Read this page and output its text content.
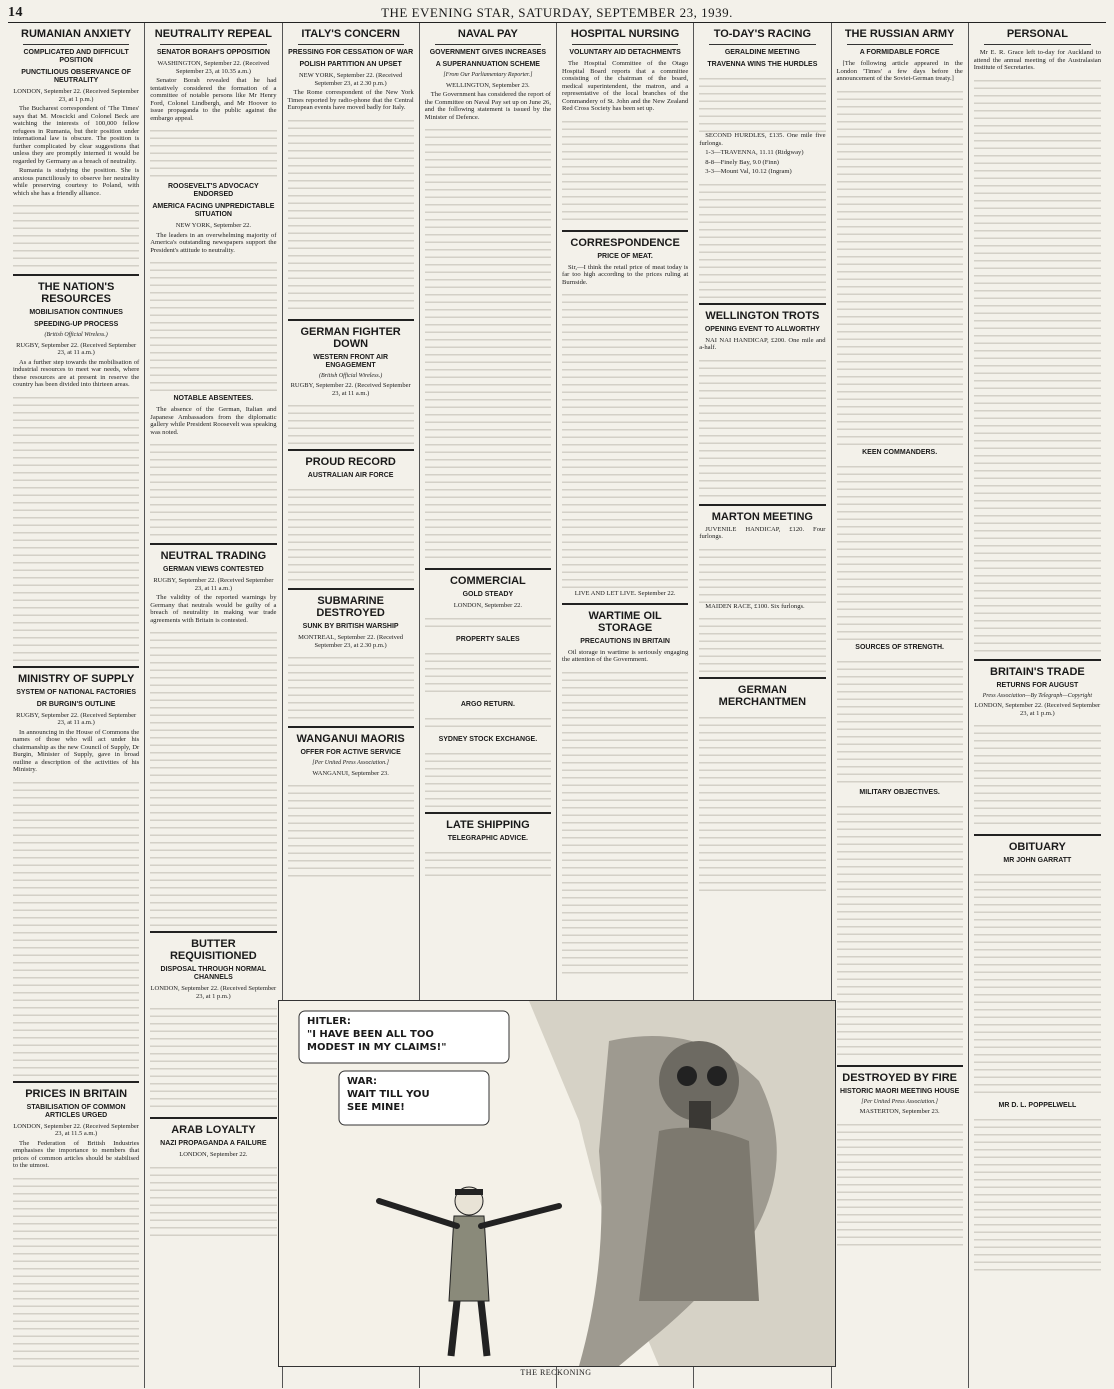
14	THE EVENING STAR, SATURDAY, SEPTEMBER 23, 1939.
RUMANIAN ANXIETY
COMPLICATED AND DIFFICULT POSITION
PUNCTILIOUS OBSERVANCE OF NEUTRALITY
LONDON, September 22. (Received September 23, at 1 p.m.)

The Bucharest correspondent of 'The Times' says that M. Moscicki and Colonel Beck are watching the interests of 100,000 fellow refugees in Rumania, but their position under international law is obscure. The position is further complicated by clear suggestions that unless they are promptly interned it would be regarded by Germany as a breach of neutrality.

Rumania is studying the position. She is anxious punctiliously to observe her neutrality while preserving courtesy to Poland, with which she has a friendly alliance.

THE NATION'S RESOURCES
MOBILISATION CONTINUES
SPEEDING-UP PROCESS
(British Official Wireless.)
RUGBY, September 22. (Received September 23, at 11 a.m.)

As a further step towards the mobilisation of industrial resources to meet war needs, where these resources are at present in reserve the country has been divided into thirteen areas.

MINISTRY OF SUPPLY
SYSTEM OF NATIONAL FACTORIES
DR BURGIN'S OUTLINE
RUGBY, September 22. (Received September 23, at 11 a.m.)

In announcing in the House of Commons the names of those who will act under his chairmanship as the new Council of Supply, Dr Burgin, Minister of Supply, gave in broad outline a description of the activities of his Ministry.

PRICES IN BRITAIN
STABILISATION OF COMMON ARTICLES URGED
LONDON, September 22. (Received September 23, at 11.5 a.m.)

The Federation of British Industries emphasises the importance to members that prices of common articles should be stabilised to the utmost.

NEUTRALITY REPEAL
SENATOR BORAH'S OPPOSITION
WASHINGTON, September 22. (Received September 23, at 10.35 a.m.)

Senator Borah revealed that he had tentatively considered the formation of a committee of notable persons like Mr Henry Ford, Colonel Lindbergh, and Mr Hoover to issue propaganda to the public against the embargo appeal.

ROOSEVELT'S ADVOCACY ENDORSED
AMERICA FACING UNPREDICTABLE SITUATION
NEW YORK, September 22.

The leaders in an overwhelming majority of America's outstanding newspapers support the President's attitude to neutrality.

NOTABLE ABSENTEES.

The absence of the German, Italian and Japanese Ambassadors from the diplomatic gallery while President Roosevelt was speaking was noted.

NEUTRAL TRADING
GERMAN VIEWS CONTESTED
RUGBY, September 22. (Received September 23, at 11 a.m.)

The validity of the reported warnings by Germany that neutrals would be guilty of a breach of neutrality in making war trade agreements with Britain is contested.

BUTTER REQUISITIONED
DISPOSAL THROUGH NORMAL CHANNELS
LONDON, September 22. (Received September 23, at 1 p.m.)
ARAB LOYALTY
NAZI PROPAGANDA A FAILURE
LONDON, September 22.
ITALY'S CONCERN
PRESSING FOR CESSATION OF WAR
POLISH PARTITION AN UPSET
NEW YORK, September 22. (Received September 23, at 2.30 p.m.)

The Rome correspondent of the New York Times reported by radio-phone that the Central European events have moved badly for Italy.

GERMAN FIGHTER DOWN
WESTERN FRONT AIR ENGAGEMENT
(British Official Wireless.)
RUGBY, September 22. (Received September 23, at 11 a.m.)
PROUD RECORD
AUSTRALIAN AIR FORCE
SUBMARINE DESTROYED
SUNK BY BRITISH WARSHIP
MONTREAL, September 22. (Received September 23, at 2.30 p.m.)
WANGANUI MAORIS
OFFER FOR ACTIVE SERVICE
[Per United Press Association.]
WANGANUI, September 23.
NAVAL PAY
GOVERNMENT GIVES INCREASES
A SUPERANNUATION SCHEME
[From Our Parliamentary Reporter.]
WELLINGTON, September 23.

The Government has considered the report of the Committee on Naval Pay set up on June 26, and the following statement is issued by the Minister of Defence.

COMMERCIAL
GOLD STEADY
LONDON, September 22.
PROPERTY SALES
ARGO RETURN.
SYDNEY STOCK EXCHANGE.
LATE SHIPPING
TELEGRAPHIC ADVICE.
HOSPITAL NURSING
VOLUNTARY AID DETACHMENTS

The Hospital Committee of the Otago Hospital Board reports that a committee consisting of the chairman of the board, medical superintendent, the matron, and a representative of the local branches of the Commandery of St. John and the New Zealand Red Cross Society has been set up.

CORRESPONDENCE
PRICE OF MEAT.

Sir,—I think the retail price of meat today is far too high according to the prices ruling at Burnside.

LIVE AND LET LIVE. September 22.
WARTIME OIL STORAGE
PRECAUTIONS IN BRITAIN

Oil storage in wartime is seriously engaging the attention of the Government.

TO-DAY'S RACING
GERALDINE MEETING
TRAVENNA WINS THE HURDLES

SECOND HURDLES, £135. One mile five furlongs.

1-3—TRAVENNA, 11.11 (Ridgway)

8-8—Finely Bay, 9.0 (Finn)

3-3—Mount Val, 10.12 (Ingram)

WELLINGTON TROTS
OPENING EVENT TO ALLWORTHY

NAI NAI HANDICAP, £200. One mile and a-half.

MARTON MEETING

JUVENILE HANDICAP, £120. Four furlongs.

MAIDEN RACE, £100. Six furlongs.

GERMAN MERCHANTMEN
THE RUSSIAN ARMY
A FORMIDABLE FORCE

[The following article appeared in the London 'Times' a few days before the announcement of the Soviet-German treaty.]

KEEN COMMANDERS.
SOURCES OF STRENGTH.
MILITARY OBJECTIVES.
DESTROYED BY FIRE
HISTORIC MAORI MEETING HOUSE
[Per United Press Association.]
MASTERTON, September 23.
PERSONAL

Mr E. R. Grace left to-day for Auckland to attend the annual meeting of the Australasian Institute of Secretaries.

BRITAIN'S TRADE
RETURNS FOR AUGUST
Press Association—By Telegraph—Copyright
LONDON, September 22. (Received September 23, at 1 p.m.)
OBITUARY
MR JOHN GARRATT
MR D. L. POPPELWELL
HITLER:
"I HAVE BEEN ALL TOO
MODEST IN MY CLAIMS!"
WAR:
WAIT TILL YOU
SEE MINE!
THE RECKONING
